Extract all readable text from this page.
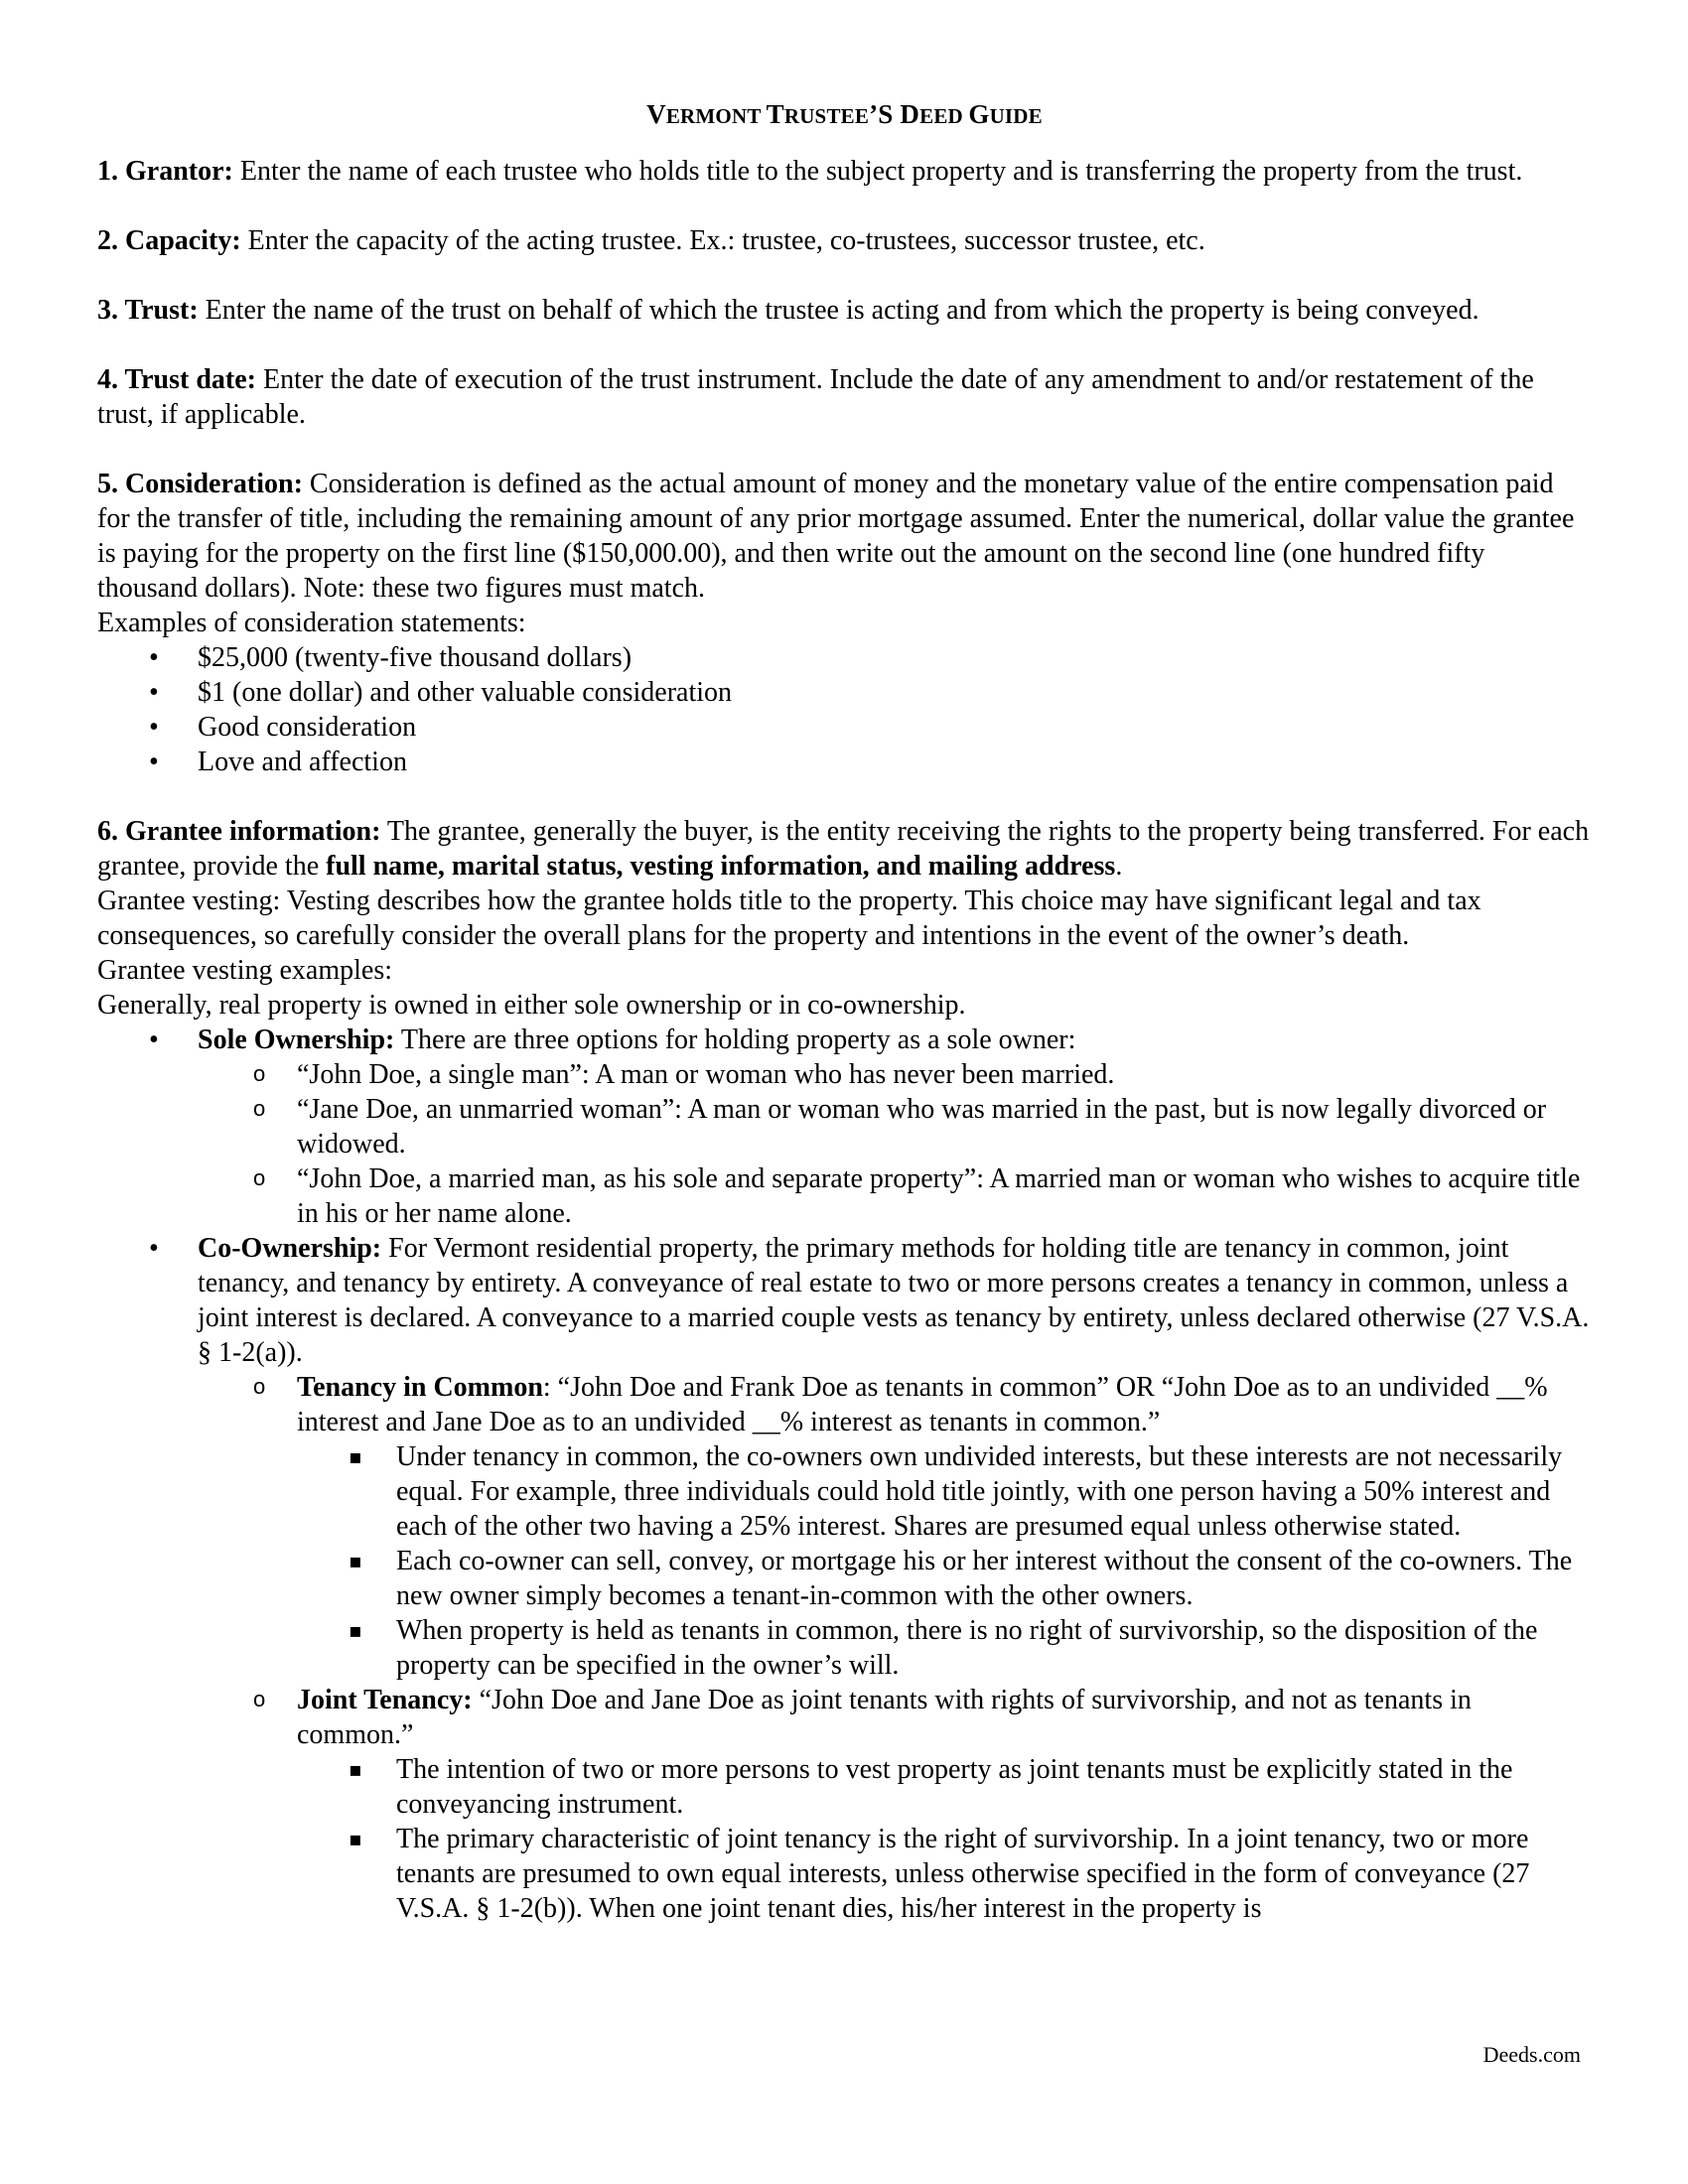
VERMONT TRUSTEE’S DEED GUIDE

1. Grantor: Enter the name of each trustee who holds title to the subject property and is transferring the property from the trust.

2. Capacity: Enter the capacity of the acting trustee. Ex.: trustee, co-trustees, successor trustee, etc.

3. Trust: Enter the name of the trust on behalf of which the trustee is acting and from which the property is being conveyed.

4. Trust date: Enter the date of execution of the trust instrument. Include the date of any amendment to and/or restatement of the trust, if applicable.

5. Consideration: Consideration is defined as the actual amount of money and the monetary value of the entire compensation paid for the transfer of title, including the remaining amount of any prior mortgage assumed. Enter the numerical, dollar value the grantee is paying for the property on the first line ($150,000.00), and then write out the amount on the second line (one hundred fifty thousand dollars). Note: these two figures must match.

Examples of consideration statements:

• $25,000 (twenty-five thousand dollars)
• $1 (one dollar) and other valuable consideration
• Good consideration
• Love and affection

6. Grantee information: The grantee, generally the buyer, is the entity receiving the rights to the property being transferred. For each grantee, provide the full name, marital status, vesting information, and mailing address.

Grantee vesting: Vesting describes how the grantee holds title to the property. This choice may have significant legal and tax consequences, so carefully consider the overall plans for the property and intentions in the event of the owner’s death.

Grantee vesting examples:

Generally, real property is owned in either sole ownership or in co-ownership.

• Sole Ownership: There are three options for holding property as a sole owner:
o “John Doe, a single man”: A man or woman who has never been married.
o “Jane Doe, an unmarried woman”: A man or woman who was married in the past, but is now legally divorced or widowed.
o “John Doe, a married man, as his sole and separate property”: A married man or woman who wishes to acquire title in his or her name alone.
• Co-Ownership: For Vermont residential property, the primary methods for holding title are tenancy in common, joint tenancy, and tenancy by entirety. A conveyance of real estate to two or more persons creates a tenancy in common, unless a joint interest is declared. A conveyance to a married couple vests as tenancy by entirety, unless declared otherwise (27 V.S.A. § 1-2(a)).
o Tenancy in Common: “John Doe and Frank Doe as tenants in common” OR “John Doe as to an undivided __% interest and Jane Doe as to an undivided __% interest as tenants in common.”
▪ Under tenancy in common, the co-owners own undivided interests, but these interests are not necessarily equal. For example, three individuals could hold title jointly, with one person having a 50% interest and each of the other two having a 25% interest. Shares are presumed equal unless otherwise stated.
▪ Each co-owner can sell, convey, or mortgage his or her interest without the consent of the co-owners. The new owner simply becomes a tenant-in-common with the other owners.
▪ When property is held as tenants in common, there is no right of survivorship, so the disposition of the property can be specified in the owner’s will.
o Joint Tenancy: “John Doe and Jane Doe as joint tenants with rights of survivorship, and not as tenants in common.”
▪ The intention of two or more persons to vest property as joint tenants must be explicitly stated in the conveyancing instrument.
▪ The primary characteristic of joint tenancy is the right of survivorship. In a joint tenancy, two or more tenants are presumed to own equal interests, unless otherwise specified in the form of conveyance (27 V.S.A. § 1-2(b)). When one joint tenant dies, his/her interest in the property is
Deeds.com
